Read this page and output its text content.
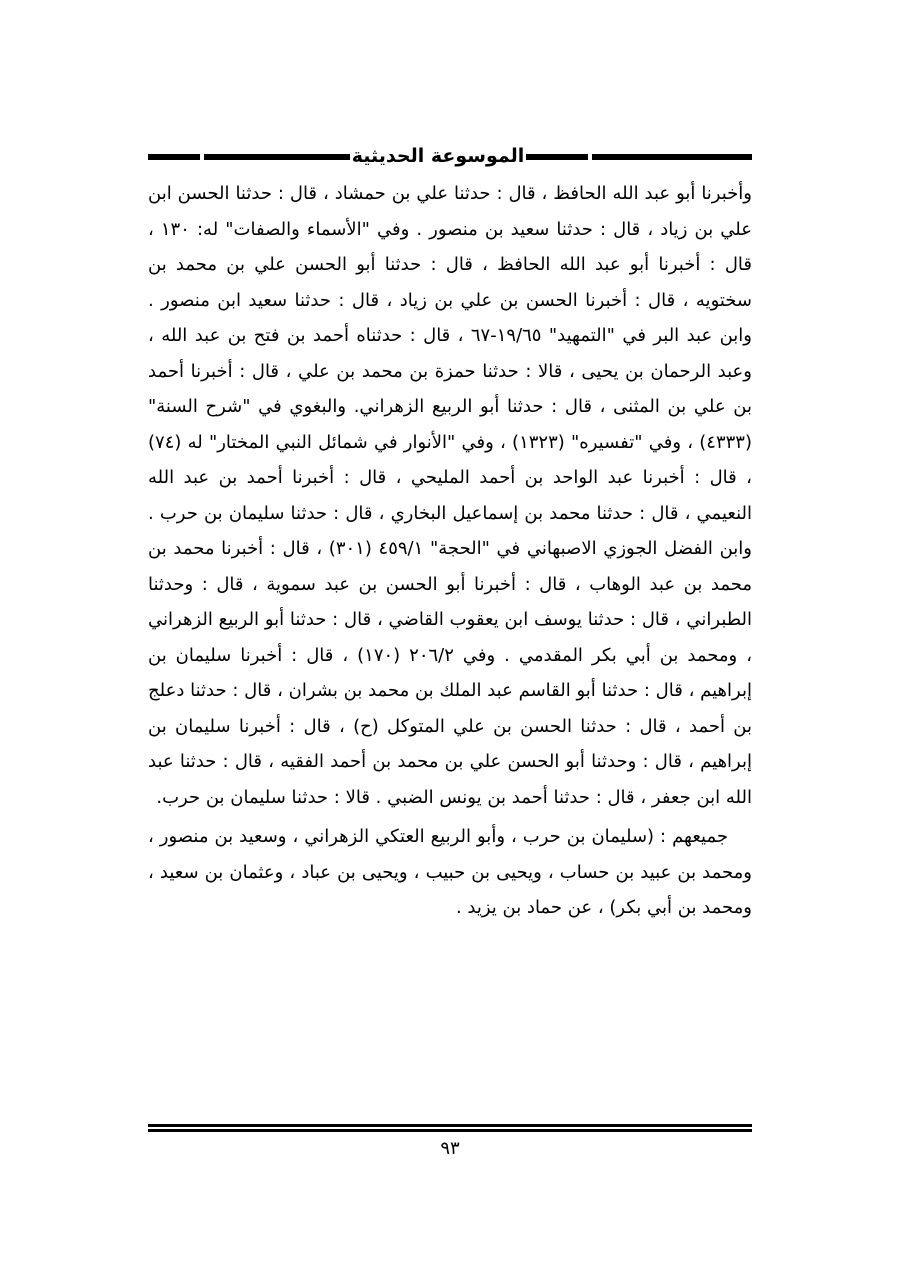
الموسوعة الحديثية

وأخبرنا أبو عبد الله الحافظ ، قال : حدثنا علي بن حمشاد ، قال : حدثنا الحسن ابن علي بن زياد ، قال : حدثنا سعيد بن منصور . وفي "الأسماء والصفات" له: ١٣٠ ، قال : أخبرنا أبو عبد الله الحافظ ، قال : حدثنا أبو الحسن علي بن محمد بن سختويه ، قال : أخبرنا الحسن بن علي بن زياد ، قال : حدثنا سعيد ابن منصور . وابن عبد البر في "التمهيد" ١٩/٦٥-٦٧ ، قال : حدثناه أحمد بن فتح بن عبد الله ، وعبد الرحمان بن يحيى ، قالا : حدثنا حمزة بن محمد بن علي ، قال : أخبرنا أحمد بن علي بن المثنى ، قال : حدثنا أبو الربيع الزهراني. والبغوي في "شرح السنة" (٤٣٣٣) ، وفي "تفسيره" (١٣٢٣) ، وفي "الأنوار في شمائل النبي المختار" له (٧٤) ، قال : أخبرنا عبد الواحد بن أحمد المليحي ، قال : أخبرنا أحمد بن عبد الله النعيمي ، قال : حدثنا محمد بن إسماعيل البخاري ، قال : حدثنا سليمان بن حرب . وابن الفضل الجوزي الاصبهاني في "الحجة" ٤٥٩/١ (٣٠١) ، قال : أخبرنا محمد بن محمد بن عبد الوهاب ، قال : أخبرنا أبو الحسن بن عبد سموية ، قال : وحدثنا الطبراني ، قال : حدثنا يوسف ابن يعقوب القاضي ، قال : حدثنا أبو الربيع الزهراني ، ومحمد بن أبي بكر المقدمي . وفي ٢٠٦/٢ (١٧٠) ، قال : أخبرنا سليمان بن إبراهيم ، قال : حدثنا أبو القاسم عبد الملك بن محمد بن بشران ، قال : حدثنا دعلج بن أحمد ، قال : حدثنا الحسن بن علي المتوكل (ح) ، قال : أخبرنا سليمان بن إبراهيم ، قال : وحدثنا أبو الحسن علي بن محمد بن أحمد الفقيه ، قال : حدثنا عبد الله ابن جعفر ، قال : حدثنا أحمد بن يونس الضبي . قالا : حدثنا سليمان بن حرب.

جميعهم : (سليمان بن حرب ، وأبو الربيع العتكي الزهراني ، وسعيد بن منصور ، ومحمد بن عبيد بن حساب ، ويحيى بن حبيب ، ويحيى بن عباد ، وعثمان بن سعيد ، ومحمد بن أبي بكر) ، عن حماد بن يزيد .

٩٣
